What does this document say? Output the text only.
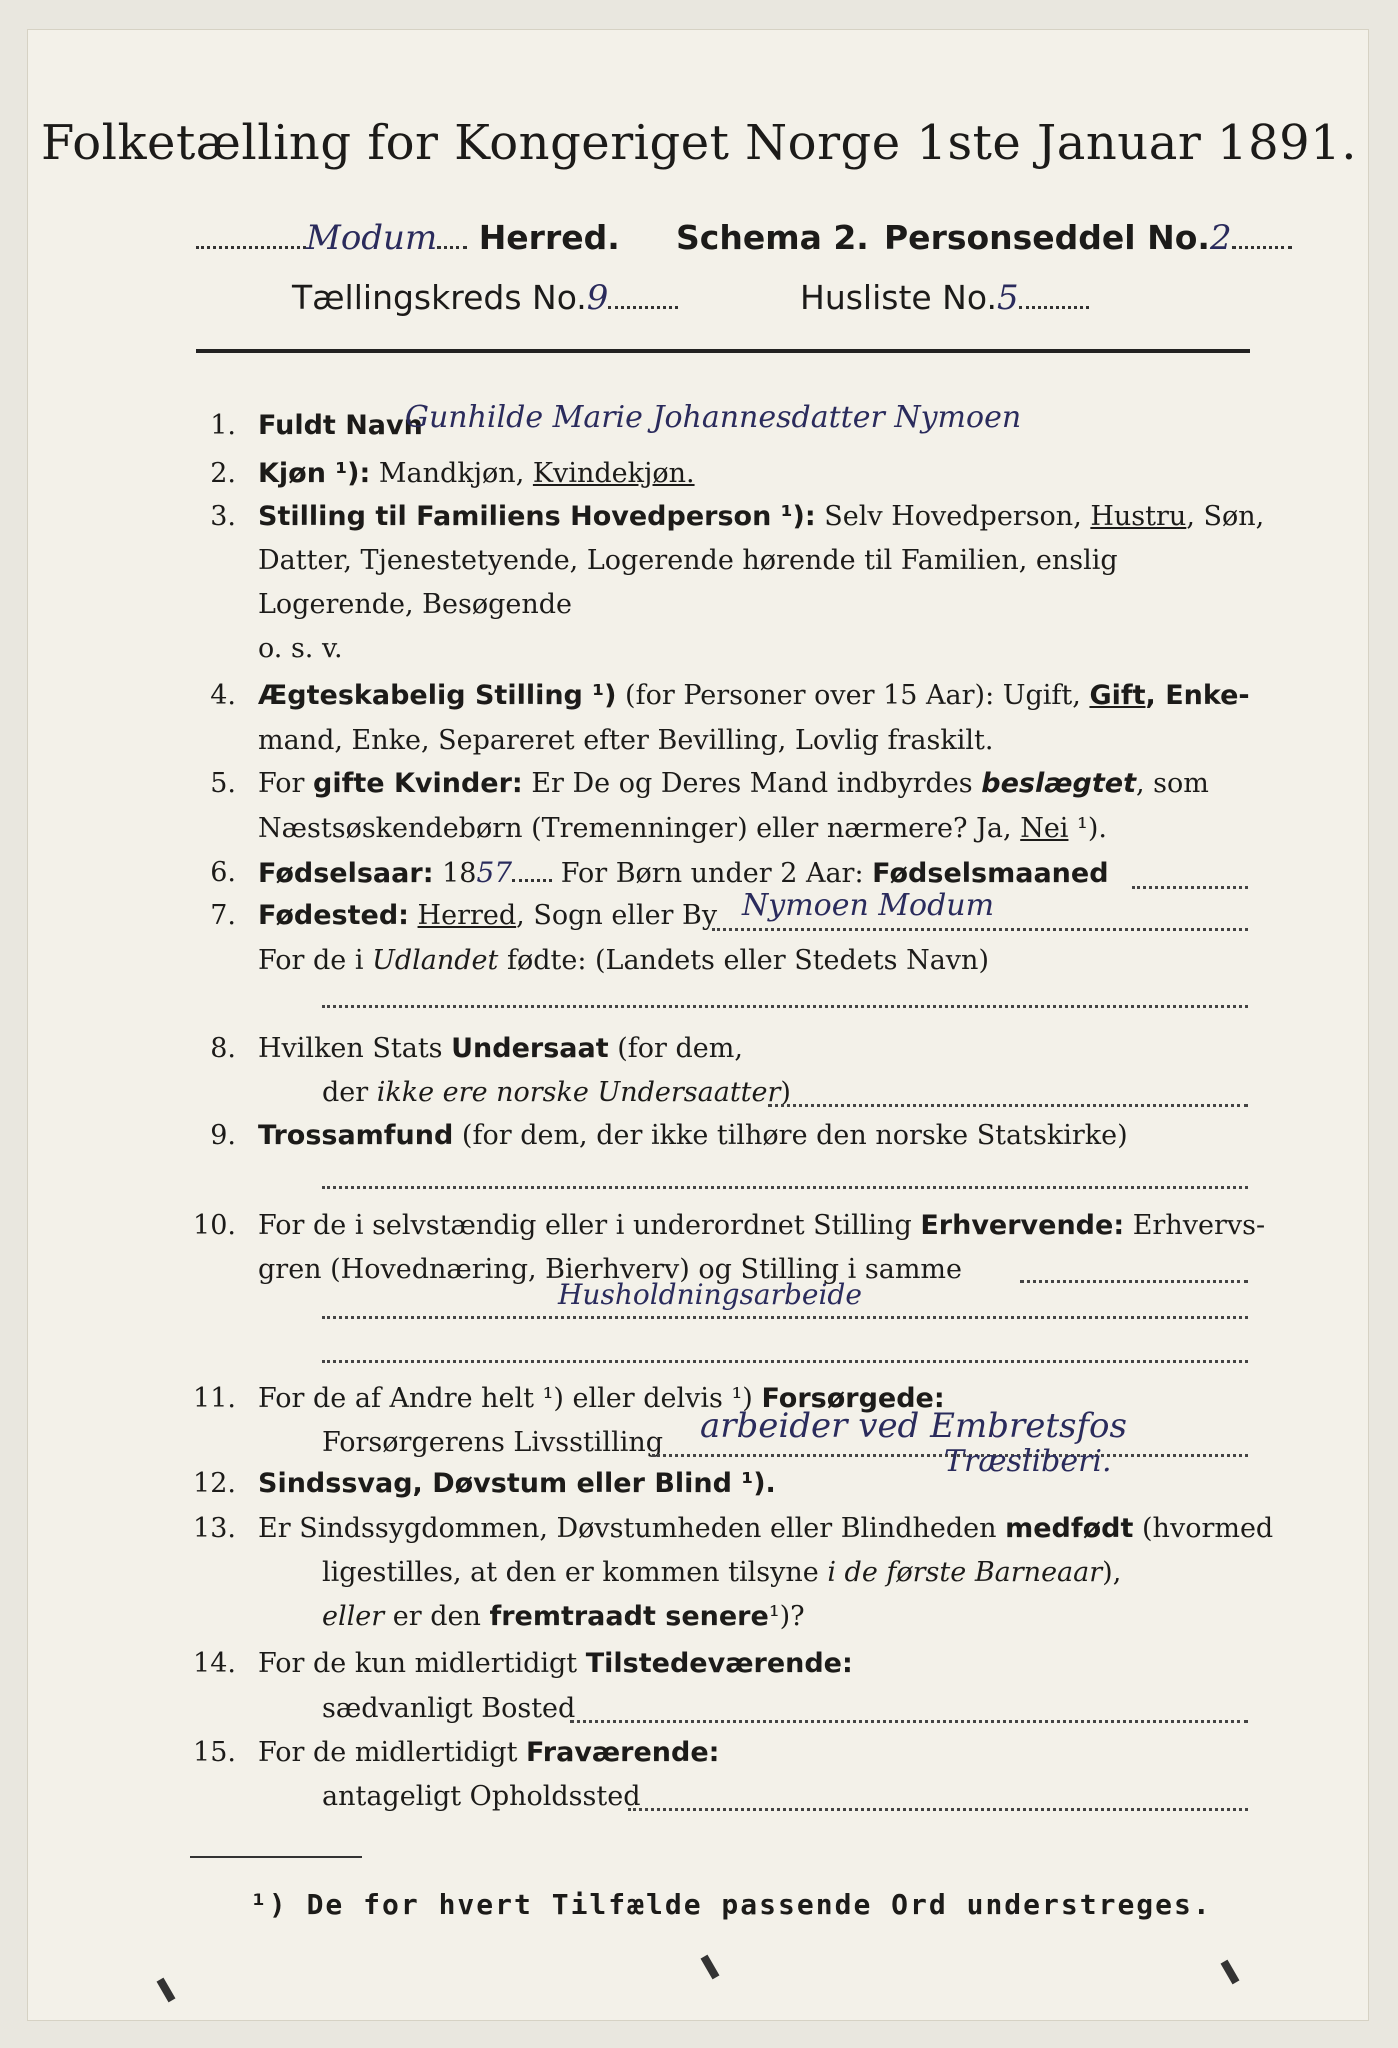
Folketælling for Kongeriget Norge 1ste Januar 1891.
Modum Herred. Schema 2. Personseddel No.2
Tællingskreds No.9	Husliste No.5
1. Fuldt Navn
Gunhilde Marie Johannesdatter Nymoen
2. Kjøn ¹): Mandkjøn, Kvindekjøn.
3. Stilling til Familiens Hovedperson ¹): Selv Hovedperson, Hustru, Søn,
Datter, Tjenestetyende, Logerende hørende til Familien, enslig
Logerende, Besøgende
o. s. v.
4. Ægteskabelig Stilling ¹) (for Personer over 15 Aar): Ugift, Gift, Enke-
mand, Enke, Separeret efter Bevilling, Lovlig fraskilt.
5. For gifte Kvinder: Er De og Deres Mand indbyrdes beslægtet, som
Næstsøskendebørn (Tremenninger) eller nærmere? Ja, Nei ¹).
6. Fødselsaar: 1857 For Børn under 2 Aar: Fødselsmaaned
7. Fødested: Herred, Sogn eller By Nymoen Modum
For de i Udlandet fødte: (Landets eller Stedets Navn)
8. Hvilken Stats Undersaat (for dem,
der ikke ere norske Undersaatter)
9. Trossamfund (for dem, der ikke tilhøre den norske Statskirke)
10. For de i selvstændig eller i underordnet Stilling Erhvervende: Erhvervs-
gren (Hovednæring, Bierhverv) og Stilling i samme
Husholdningsarbeide
11. For de af Andre helt ¹) eller delvis ¹) Forsørgede:
Forsørgerens Livsstilling arbeider ved Embretsfos
Træsliberi.
12. Sindssvag, Døvstum eller Blind ¹).
13. Er Sindssygdommen, Døvstumheden eller Blindheden medfødt (hvormed
ligestilles, at den er kommen tilsyne i de første Barneaar),
eller er den fremtraadt senere¹)?
14. For de kun midlertidigt Tilstedeværende:
sædvanligt Bosted
15. For de midlertidigt Fraværende:
antageligt Opholdssted
¹) De for hvert Tilfælde passende Ord understreges.
